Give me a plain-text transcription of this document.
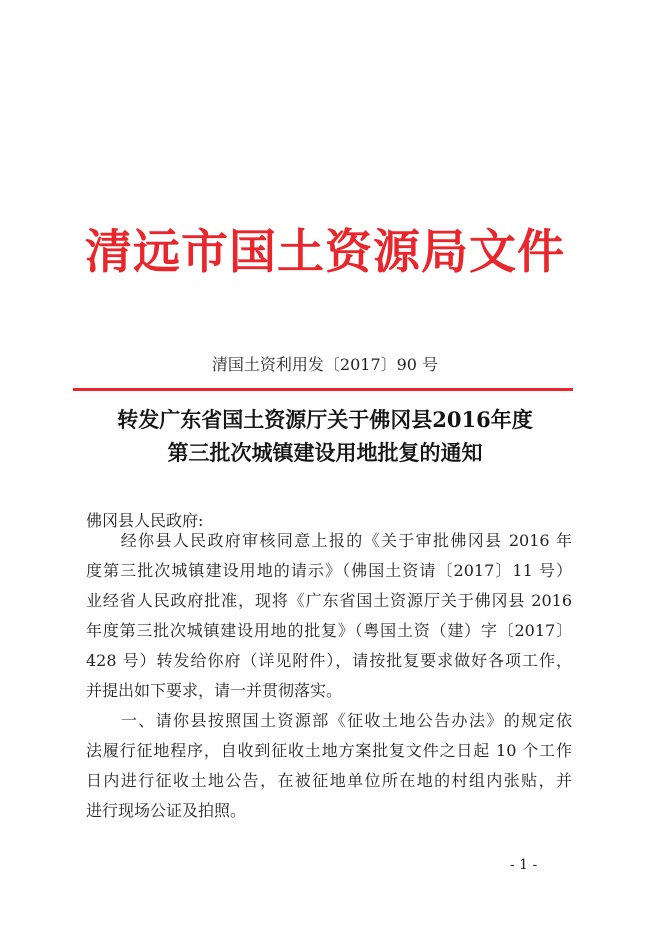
清远市国土资源局文件
清国土资利用发〔2017〕90 号
转发广东省国土资源厅关于佛冈县2016年度
第三批次城镇建设用地批复的通知
佛冈县人民政府:
　　经你县人民政府审核同意上报的《关于审批佛冈县 2016 年
度第三批次城镇建设用地的请示》（佛国土资请〔2017〕11 号）
业经省人民政府批准，现将《广东省国土资源厅关于佛冈县 2016
年度第三批次城镇建设用地的批复》（粤国土资（建）字〔2017〕
428 号）转发给你府（详见附件），请按批复要求做好各项工作，
并提出如下要求，请一并贯彻落实。
　　一、请你县按照国土资源部《征收土地公告办法》的规定依
法履行征地程序，自收到征收土地方案批复文件之日起 10 个工作
日内进行征收土地公告，在被征地单位所在地的村组内张贴，并
进行现场公证及拍照。
- 1 -
